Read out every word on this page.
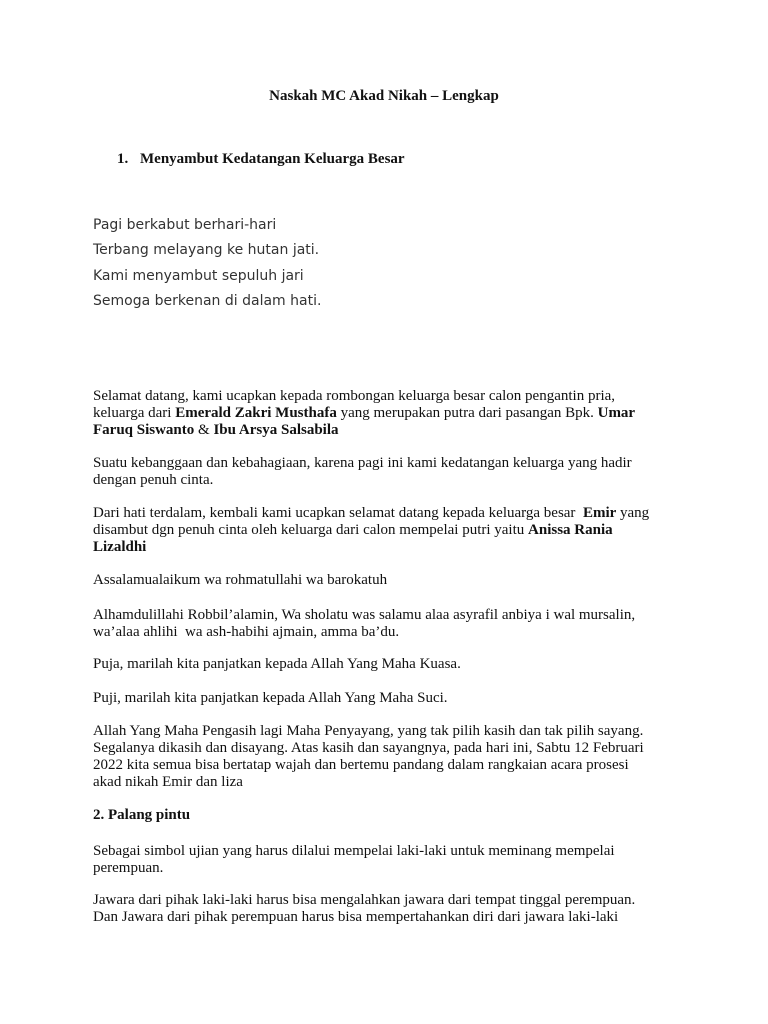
Naskah MC Akad Nikah – Lengkap
1. Menyambut Kedatangan Keluarga Besar
Pagi berkabut berhari-hari
Terbang melayang ke hutan jati.
Kami menyambut sepuluh jari
Semoga berkenan di dalam hati.
Selamat datang, kami ucapkan kepada rombongan keluarga besar calon pengantin pria,
keluarga dari Emerald Zakri Musthafa yang merupakan putra dari pasangan Bpk. Umar
Faruq Siswanto & Ibu Arsya Salsabila
Suatu kebanggaan dan kebahagiaan, karena pagi ini kami kedatangan keluarga yang hadir
dengan penuh cinta.
Dari hati terdalam, kembali kami ucapkan selamat datang kepada keluarga besar  Emir yang
disambut dgn penuh cinta oleh keluarga dari calon mempelai putri yaitu Anissa Rania
Lizaldhi
Assalamualaikum wa rohmatullahi wa barokatuh
Alhamdulillahi Robbil’alamin, Wa sholatu was salamu alaa asyrafil anbiya i wal mursalin,
wa’alaa ahlihi  wa ash-habihi ajmain, amma ba’du.
Puja, marilah kita panjatkan kepada Allah Yang Maha Kuasa.
Puji, marilah kita panjatkan kepada Allah Yang Maha Suci.
Allah Yang Maha Pengasih lagi Maha Penyayang, yang tak pilih kasih dan tak pilih sayang.
Segalanya dikasih dan disayang. Atas kasih dan sayangnya, pada hari ini, Sabtu 12 Februari
2022 kita semua bisa bertatap wajah dan bertemu pandang dalam rangkaian acara prosesi
akad nikah Emir dan liza
2. Palang pintu
Sebagai simbol ujian yang harus dilalui mempelai laki-laki untuk meminang mempelai
perempuan.
Jawara dari pihak laki-laki harus bisa mengalahkan jawara dari tempat tinggal perempuan.
Dan Jawara dari pihak perempuan harus bisa mempertahankan diri dari jawara laki-laki
